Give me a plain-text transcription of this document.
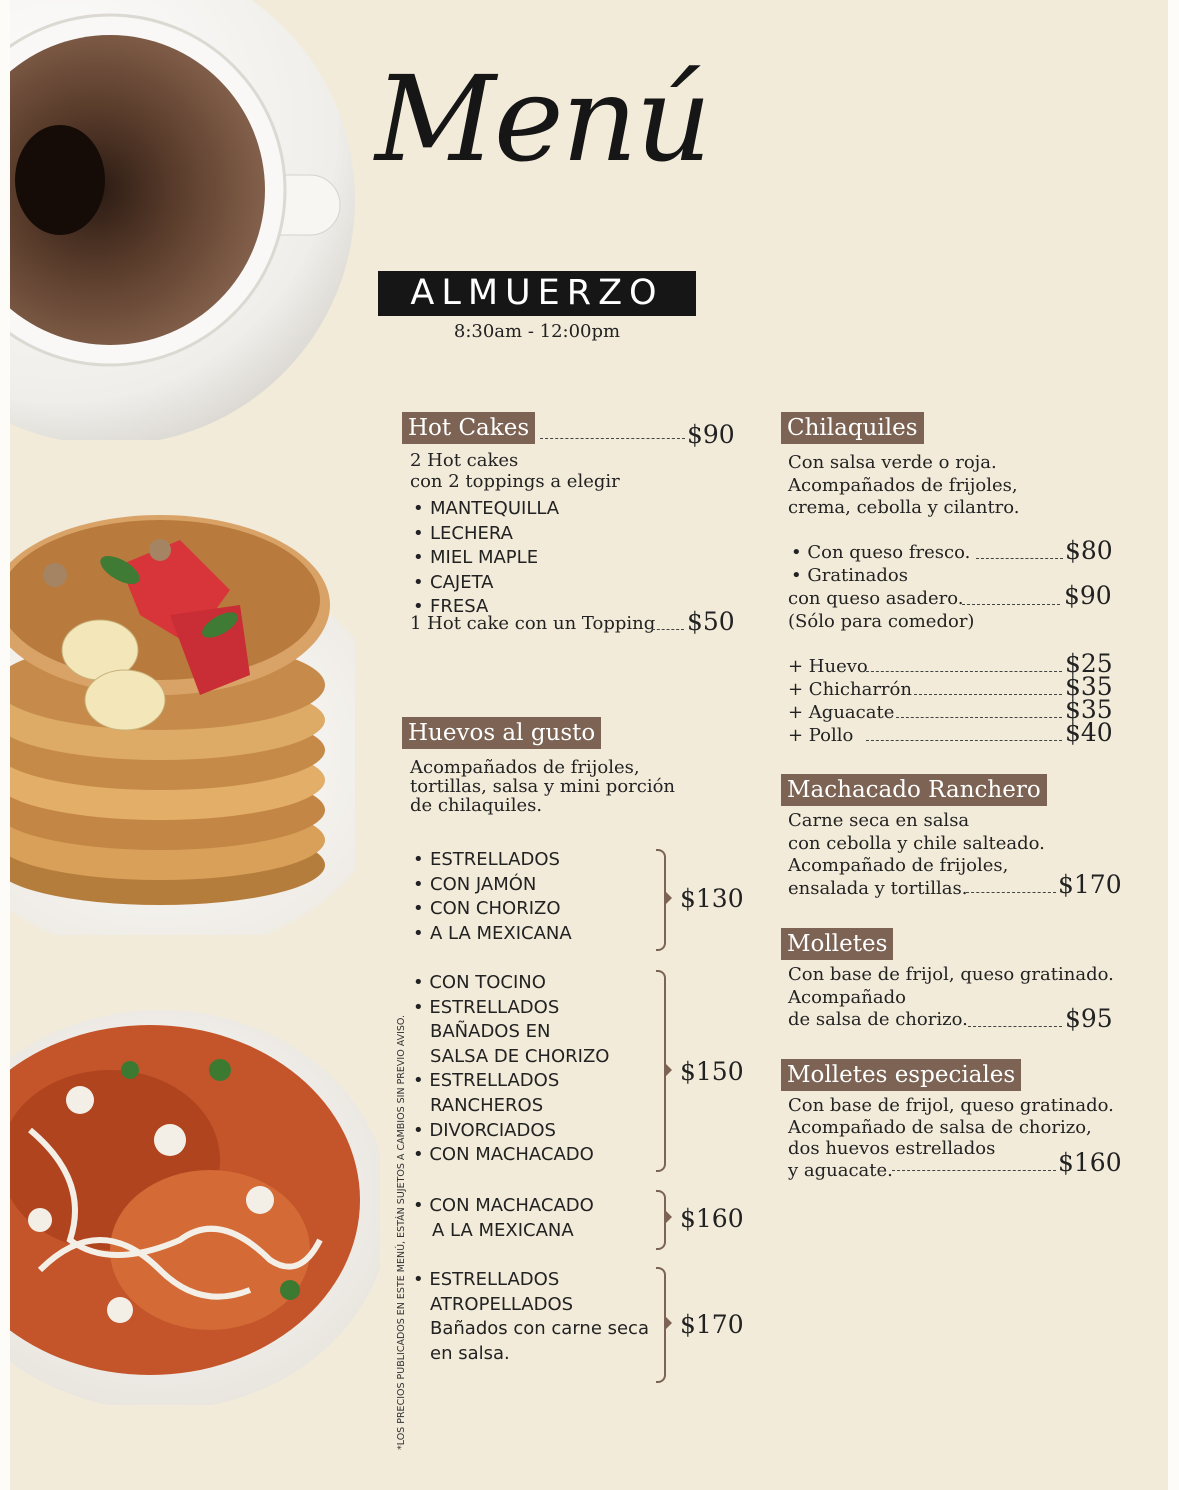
*LOS PRECIOS PUBLICADOS EN ESTE MENÚ, ESTÁN SUJETOS A CAMBIOS SIN PREVIO AVISO.
Menú
ALMUERZO
8:30am - 12:00pm
Hot Cakes	$90
2 Hot cakes
con 2 toppings a elegir
• MANTEQUILLA
• LECHERA
• MIEL MAPLE
• CAJETA
• FRESA
1 Hot cake con un Topping $50
Huevos al gusto
Acompañados de frijoles,
tortillas, salsa y mini porción
de chilaquiles.
• ESTRELLADOS
• CON JAMÓN
• CON CHORIZO
• A LA MEXICANA
$130
• CON TOCINO
• ESTRELLADOS
BAÑADOS EN
SALSA DE CHORIZO
• ESTRELLADOS
RANCHEROS
• DIVORCIADOS
• CON MACHACADO
$150
• CON MACHACADO
A LA MEXICANA	$160
• ESTRELLADOS
ATROPELLADOS
Bañados con carne seca
en salsa.
$170
Chilaquiles
Con salsa verde o roja.
Acompañados de frijoles,
crema, cebolla y cilantro.
• Con queso fresco.	$80
• Gratinados
con queso asadero.	$90
(Sólo para comedor)
+ Huevo	$25
+ Chicharrón	$35
+ Aguacate	$35
+ Pollo	$40
Machacado Ranchero
Carne seca en salsa
con cebolla y chile salteado.
Acompañado de frijoles,
ensalada y tortillas.	$170
Molletes
Con base de frijol, queso gratinado.
Acompañado
de salsa de chorizo.	$95
Molletes especiales
Con base de frijol, queso gratinado.
Acompañado de salsa de chorizo,
dos huevos estrellados
y aguacate.	$160
